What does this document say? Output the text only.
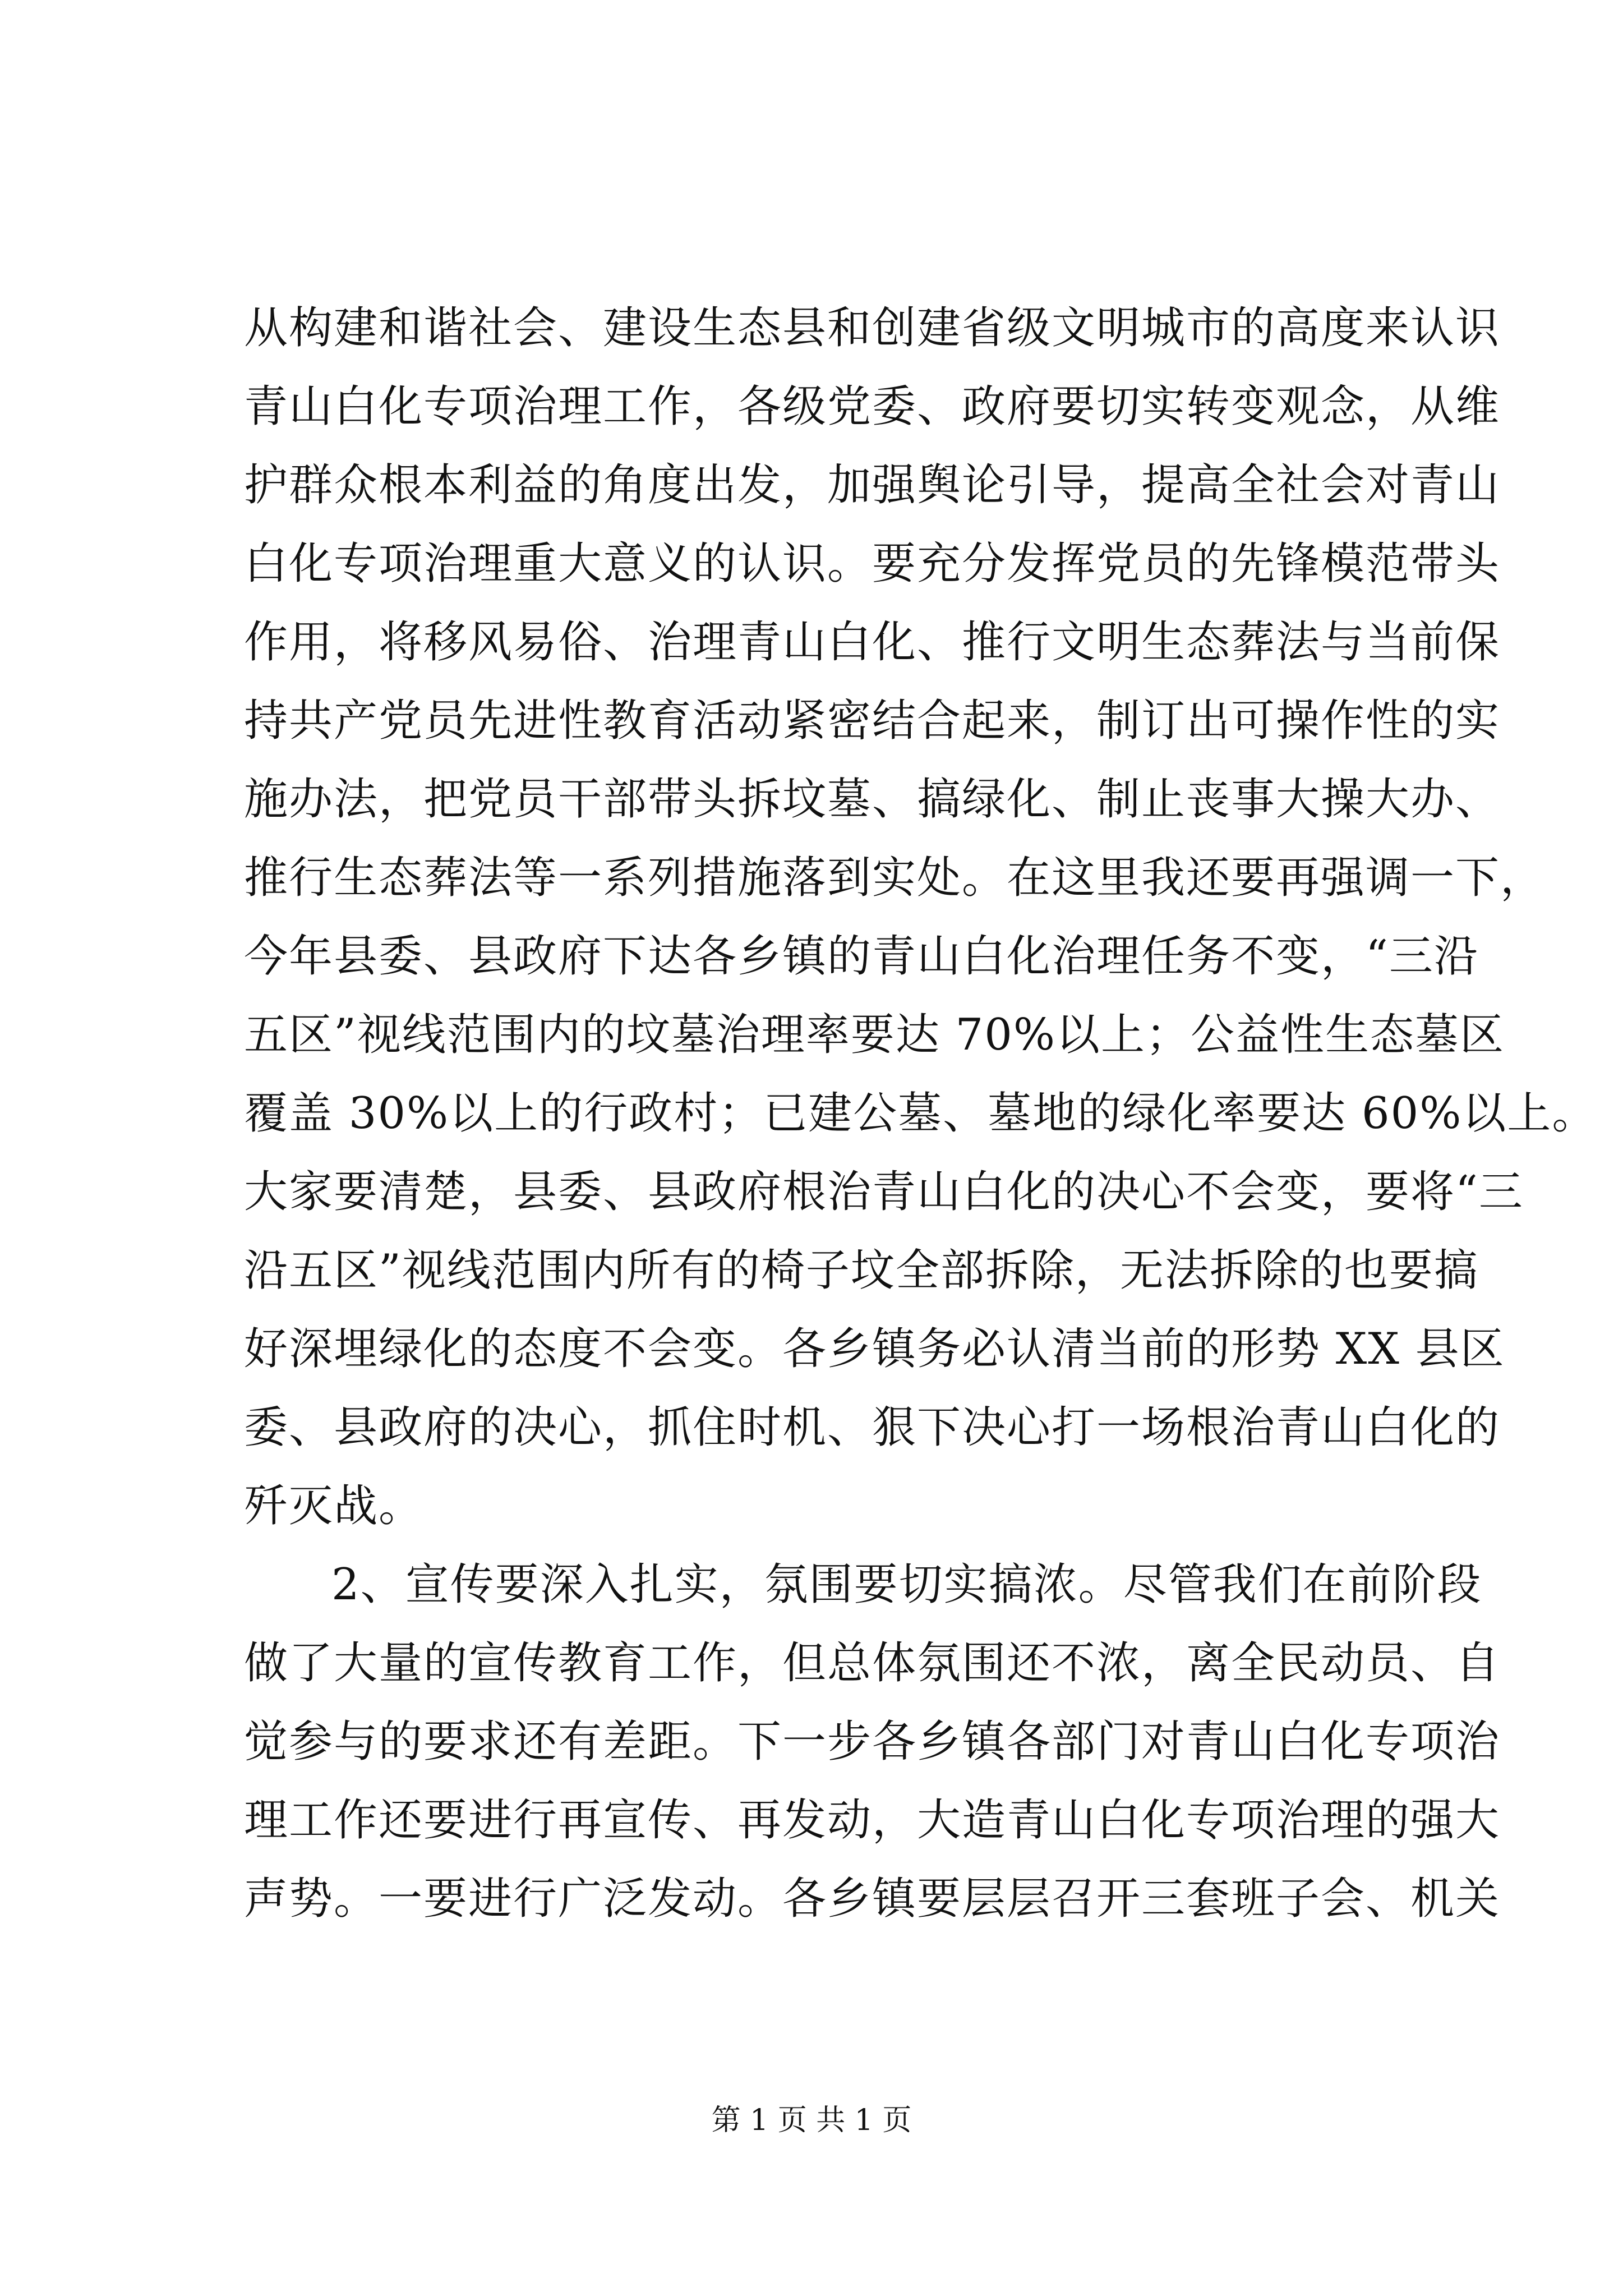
从构建和谐社会、建设生态县和创建省级文明城市的高度来认识
青山白化专项治理工作，各级党委、政府要切实转变观念，从维
护群众根本利益的角度出发，加强舆论引导，提高全社会对青山
白化专项治理重大意义的认识。要充分发挥党员的先锋模范带头
作用，将移风易俗、治理青山白化、推行文明生态葬法与当前保
持共产党员先进性教育活动紧密结合起来，制订出可操作性的实
施办法，把党员干部带头拆坟墓、搞绿化、制止丧事大操大办、
推行生态葬法等一系列措施落到实处。在这里我还要再强调一下，
今年县委、县政府下达各乡镇的青山白化治理任务不变，“三沿
五区”视线范围内的坟墓治理率要达 70%以上；公益性生态墓区
覆盖 30%以上的行政村；已建公墓、墓地的绿化率要达 60%以上。
大家要清楚，县委、县政府根治青山白化的决心不会变，要将“三
沿五区”视线范围内所有的椅子坟全部拆除，无法拆除的也要搞
好深埋绿化的态度不会变。各乡镇务必认清当前的形势 XX 县区
委、县政府的决心，抓住时机、狠下决心打一场根治青山白化的
歼灭战。
2、宣传要深入扎实，氛围要切实搞浓。尽管我们在前阶段
做了大量的宣传教育工作，但总体氛围还不浓，离全民动员、自
觉参与的要求还有差距。下一步各乡镇各部门对青山白化专项治
理工作还要进行再宣传、再发动，大造青山白化专项治理的强大
声势。一要进行广泛发动。各乡镇要层层召开三套班子会、机关
第 1 页 共 1 页
